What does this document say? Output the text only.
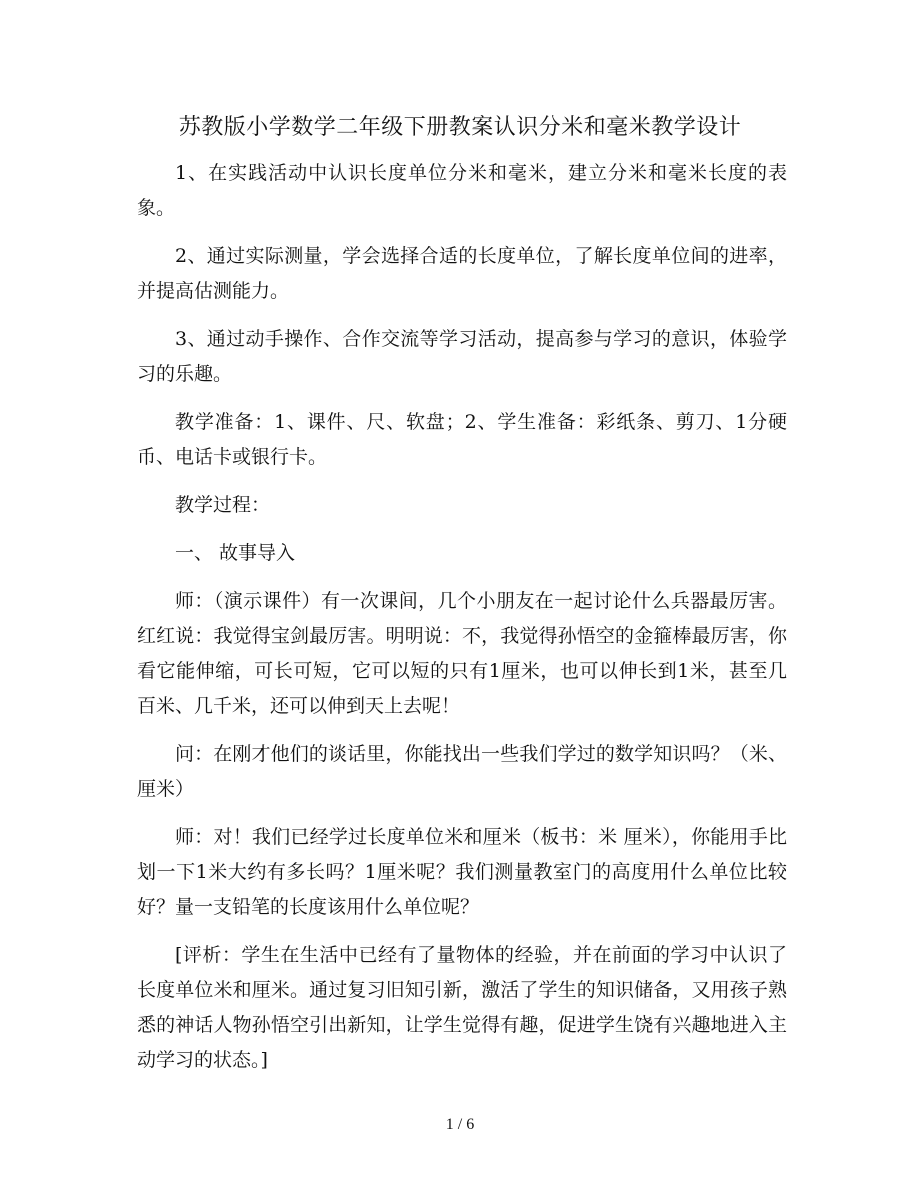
苏教版小学数学二年级下册教案认识分米和毫米教学设计

1、在实践活动中认识长度单位分米和毫米，建立分米和毫米长度的表象。

2、通过实际测量，学会选择合适的长度单位，了解长度单位间的进率，并提高估测能力。

3、通过动手操作、合作交流等学习活动，提高参与学习的意识，体验学习的乐趣。

教学准备：1、课件、尺、软盘；2、学生准备：彩纸条、剪刀、1分硬币、电话卡或银行卡。

教学过程：

一、 故事导入

师：（演示课件）有一次课间，几个小朋友在一起讨论什么兵器最厉害。红红说：我觉得宝剑最厉害。明明说：不，我觉得孙悟空的金箍棒最厉害，你看它能伸缩，可长可短，它可以短的只有1厘米，也可以伸长到1米，甚至几百米、几千米，还可以伸到天上去呢！

问：在刚才他们的谈话里，你能找出一些我们学过的数学知识吗？（米、厘米）

师：对！我们已经学过长度单位米和厘米（板书：米 厘米），你能用手比划一下1米大约有多长吗？1厘米呢？我们测量教室门的高度用什么单位比较好？量一支铅笔的长度该用什么单位呢？

[评析：学生在生活中已经有了量物体的经验，并在前面的学习中认识了长度单位米和厘米。通过复习旧知引新，激活了学生的知识储备，又用孩子熟悉的神话人物孙悟空引出新知，让学生觉得有趣，促进学生饶有兴趣地进入主动学习的状态。]

1 / 6
